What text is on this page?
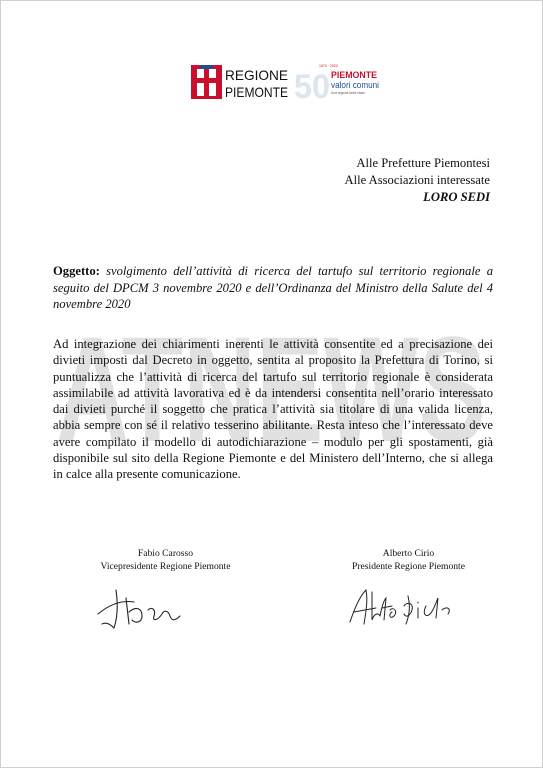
ATNEWS
REGIONE
PIEMONTE
1970 · 2020
50 PIEMONTE
valori comuni
Una regione tante storie
Alle Prefetture Piemontesi
Alle Associazioni interessate
LORO SEDI
Oggetto: svolgimento dell’attività di ricerca del tartufo sul territorio regionale a seguito del DPCM 3 novembre 2020 e dell’Ordinanza del Ministro della Salute del 4 novembre 2020
Ad integrazione dei chiarimenti inerenti le attività consentite ed a precisazione dei divieti imposti dal Decreto in oggetto, sentita al proposito la Prefettura di Torino, si puntualizza che l’attività di ricerca del tartufo sul territorio regionale è considerata assimilabile ad attività lavorativa ed è da intendersi consentita nell’orario interessato dai divieti purché il soggetto che pratica l’attività sia titolare di una valida licenza, abbia sempre con sé il relativo tesserino abilitante. Resta inteso che l’interessato deve avere compilato il modello di autodichiarazione – modulo per gli spostamenti, già disponibile sul sito della Regione Piemonte e del Ministero dell’Interno, che si allega in calce alla presente comunicazione.
Fabio Carosso
Vicepresidente Regione Piemonte
Alberto Cirio
Presidente Regione Piemonte
